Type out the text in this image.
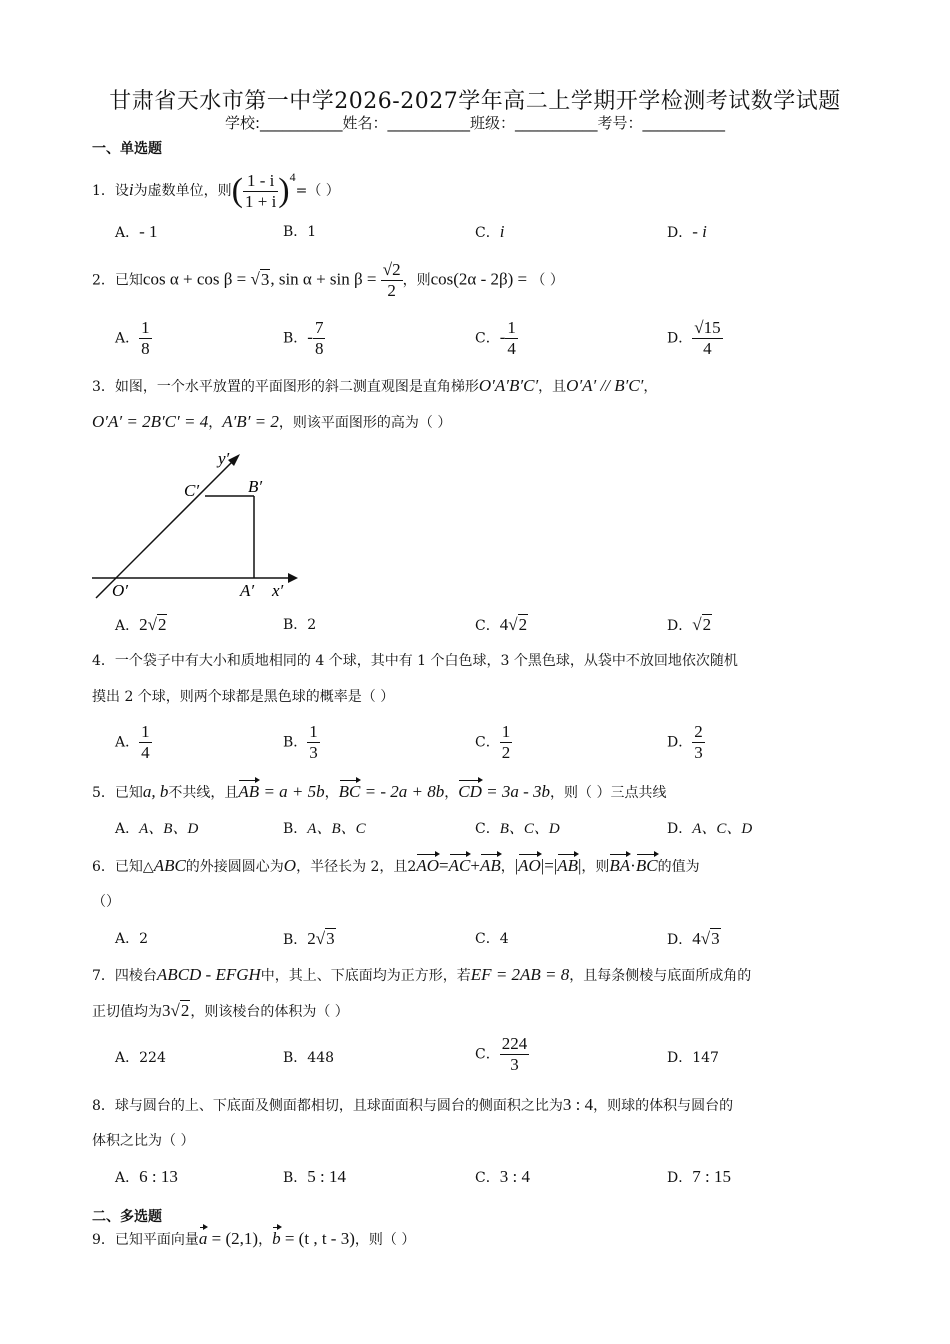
甘肃省天水市第一中学2026-2027学年高二上学期开学检测考试数学试题
学校:___________姓名：___________班级：___________考号：___________
一、单选题
1．设i为虚数单位，则( $\frac{1 - i}{1 + i} )^4=$（ ）
A．- 1	B．1	C．i	D．- i
2．已知cos α + cos β = √3, $\sin \alpha + \sin \beta = \frac{√2}{2}$ ，则cos(2α - 2β) = （ ）
A． $\frac{1}{8}$	B．- $\frac{7}{8}$	C．- $\frac{1}{4}$	D． $\frac{√15}{4}$
3．如图，一个水平放置的平面图形的斜二测直观图是直角梯形O′A′B′C′，且O′A′ // B′C′，
O′A′ = 2B′C′ = 4，A′B′ = 2，则该平面图形的高为（ ）
y′
x′
O′	A′
B′
C′
A．2√2	B．2	C．4√2	D．√2
4．一个袋子中有大小和质地相同的 4 个球，其中有 1 个白色球，3 个黑色球，从袋中不放回地依次随机
摸出 2 个球，则两个球都是黑色球的概率是（ ）
A． $\frac{1}{4}$	B． $\frac{1}{3}$	C． $\frac{1}{2}$	D． $\frac{2}{3}$
5．已知a, b不共线，且AB = a + 5b，BC = - 2a + 8b，CD = 3a - 3b，则（ ）三点共线
A．A、B、D	B．A、B、C	C．B、C、D	D．A、C、D
6．已知△ABC的外接圆圆心为O，半径长为 2，且2AO=AC+AB，|AO|=|AB|，则BA·BC的值为
（）
A．2	B．2√3	C．4	D．4√3
7．四棱台ABCD - EFGH中，其上、下底面均为正方形，若EF = 2AB = 8，且每条侧棱与底面所成角的
正切值均为3√2，则该棱台的体积为（ ）
A．224	B．448	C． $\frac{224}{3}$	D．147
8．球与圆台的上、下底面及侧面都相切，且球面面积与圆台的侧面积之比为3 : 4，则球的体积与圆台的
体积之比为（ ）
A．6 : 13	B．5 : 14	C．3 : 4	D．7 : 15
二、多选题
9．已知平面向量a = (2,1)，b = (t , t - 3)，则（ ）
